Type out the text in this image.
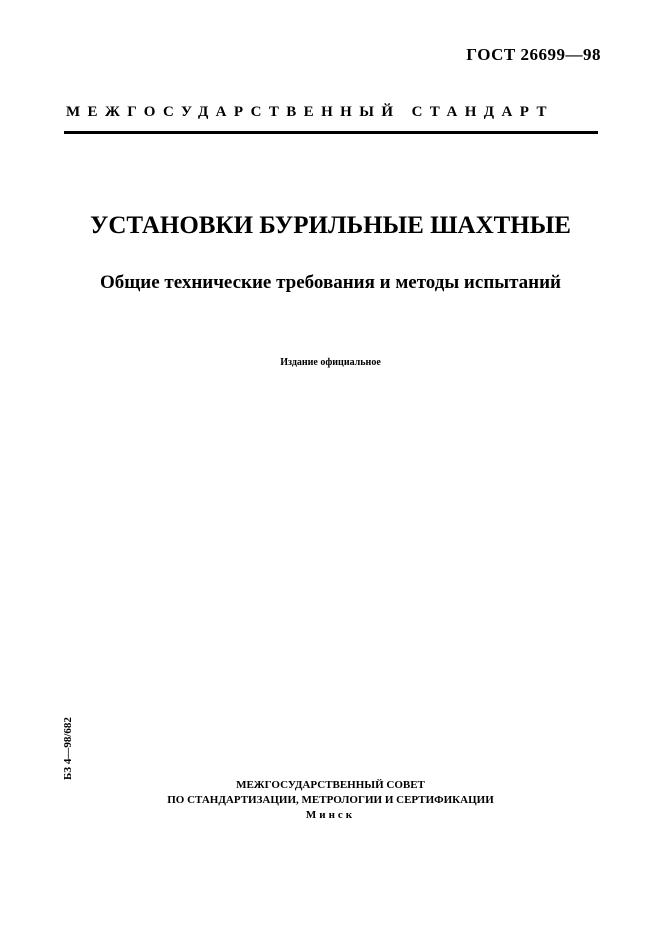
ГОСТ 26699—98
МЕЖГОСУДАРСТВЕННЫЙ СТАНДАРТ
УСТАНОВКИ БУРИЛЬНЫЕ ШАХТНЫЕ
Общие технические требования и методы испытаний
Издание официальное
БЗ 4—98/682
МЕЖГОСУДАРСТВЕННЫЙ СОВЕТ
ПО СТАНДАРТИЗАЦИИ, МЕТРОЛОГИИ И СЕРТИФИКАЦИИ
Минск
